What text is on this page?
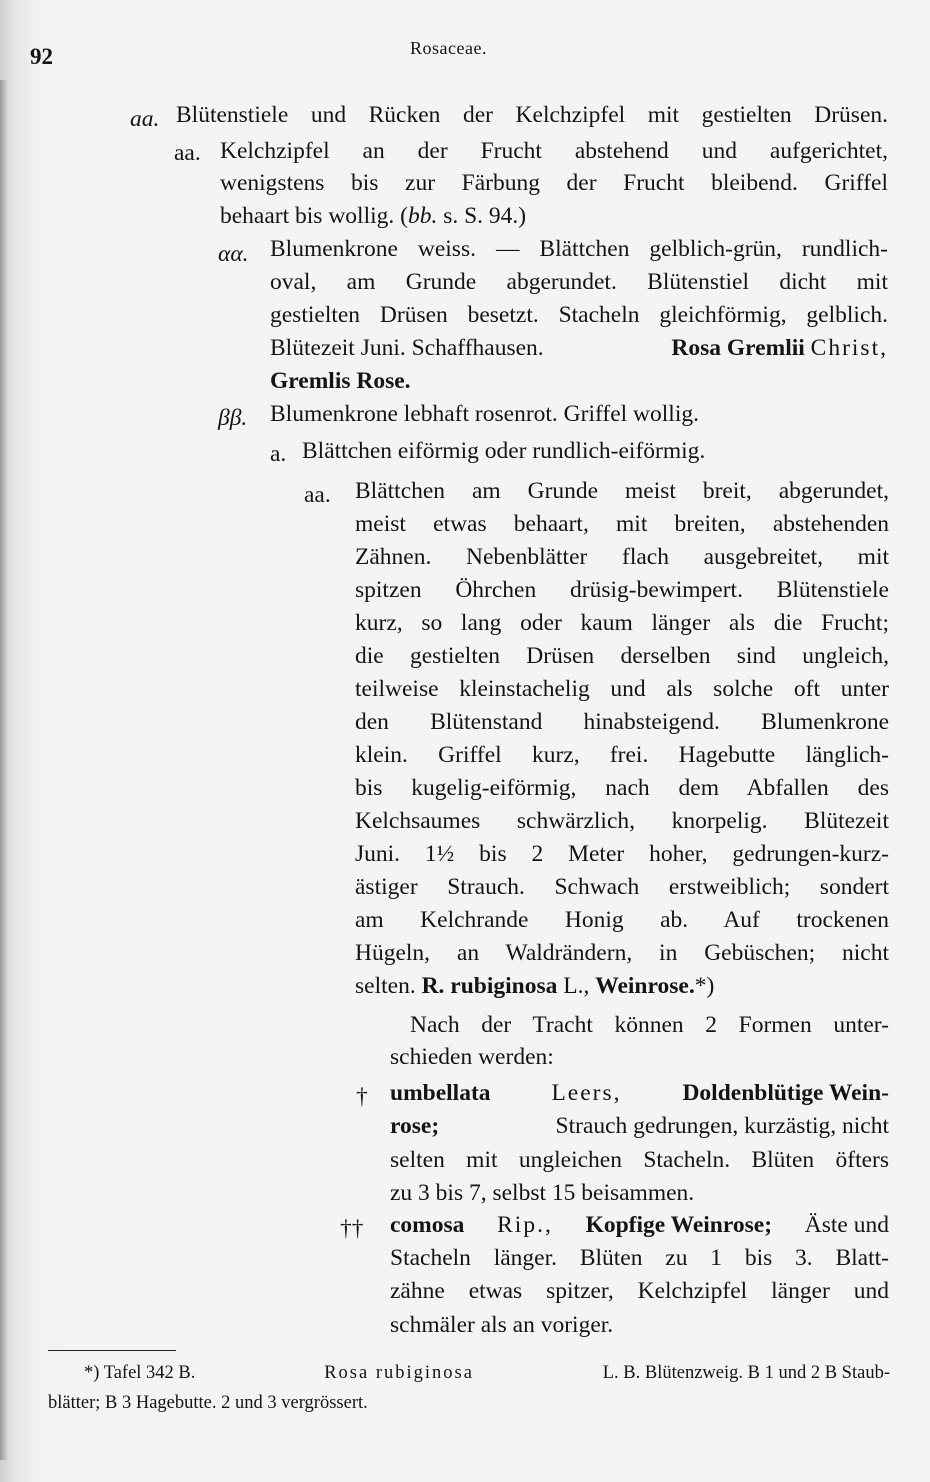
92	Rosaceae.
aa. Blütenstiele und Rücken der Kelchzipfel mit gestielten Drüsen.
aa. Kelchzipfel an der Frucht abstehend und aufgerichtet,
wenigstens bis zur Färbung der Frucht bleibend. Griffel
behaart bis wollig. (bb. s. S. 94.)
αα. Blumenkrone weiss. — Blättchen gelblich-grün, rundlich-
oval, am Grunde abgerundet. Blütenstiel dicht mit
gestielten Drüsen besetzt. Stacheln gleichförmig, gelblich.
Blütezeit Juni. Schaffhausen.	Rosa Gremlii Christ,
Gremlis Rose.
ββ. Blumenkrone lebhaft rosenrot. Griffel wollig.
a. Blättchen eiförmig oder rundlich-eiförmig.
aa. Blättchen am Grunde meist breit, abgerundet,
meist etwas behaart, mit breiten, abstehenden
Zähnen. Nebenblätter flach ausgebreitet, mit
spitzen Öhrchen drüsig-bewimpert. Blütenstiele
kurz, so lang oder kaum länger als die Frucht;
die gestielten Drüsen derselben sind ungleich,
teilweise kleinstachelig und als solche oft unter
den Blütenstand hinabsteigend. Blumenkrone
klein. Griffel kurz, frei. Hagebutte länglich-
bis kugelig-eiförmig, nach dem Abfallen des
Kelchsaumes schwärzlich, knorpelig. Blütezeit
Juni. 1½ bis 2 Meter hoher, gedrungen-kurz-
ästiger Strauch. Schwach erstweiblich; sondert
am Kelchrande Honig ab. Auf trockenen
Hügeln, an Waldrändern, in Gebüschen; nicht
selten. R. rubiginosa L., Weinrose.*)
Nach der Tracht können 2 Formen unter-
schieden werden:
† umbellata	Leers,	Doldenblütige Wein-
rose;	Strauch gedrungen, kurzästig, nicht
selten mit ungleichen Stacheln. Blüten öfters
zu 3 bis 7, selbst 15 beisammen.
†† comosa Rip., Kopfige Weinrose; Äste und
Stacheln länger. Blüten zu 1 bis 3. Blatt-
zähne etwas spitzer, Kelchzipfel länger und
schmäler als an voriger.
*) Tafel 342 B.	Rosa rubiginosa	L. B. Blütenzweig. B 1 und 2 B Staub-
blätter; B 3 Hagebutte. 2 und 3 vergrössert.
